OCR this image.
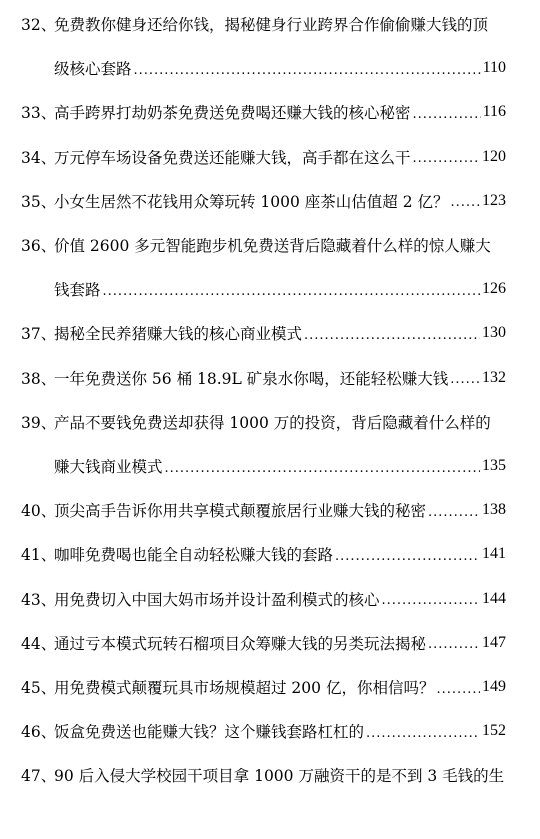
32、
免费教你健身还给你钱，揭秘健身行业跨界合作偷偷赚大钱的顶
级核心套路 .....	110
33、
高手跨界打劫奶茶免费送免费喝还赚大钱的核心秘密 .....	116
34、
万元停车场设备免费送还能赚大钱，高手都在这么干 .....	120
35、
小女生居然不花钱用众筹玩转 1000 座茶山估值超 2 亿？ ..... 123
36、
价值 2600 多元智能跑步机免费送背后隐藏着什么样的惊人赚大
钱套路 .....	126
37、
揭秘全民养猪赚大钱的核心商业模式 .....	130
38、
一年免费送你 56 桶 18.9L 矿泉水你喝，还能轻松赚大钱 ..... 132
39、
产品不要钱免费送却获得 1000 万的投资，背后隐藏着什么样的
赚大钱商业模式 .....	135
40、
顶尖高手告诉你用共享模式颠覆旅居行业赚大钱的秘密 .....	138
41、
咖啡免费喝也能全自动轻松赚大钱的套路 .....	141
43、
用免费切入中国大妈市场并设计盈利模式的核心 .....	144
44、
通过亏本模式玩转石榴项目众筹赚大钱的另类玩法揭秘 .....	147
45、
用免费模式颠覆玩具市场规模超过 200 亿，你相信吗？ .....	149
46、
饭盒免费送也能赚大钱？这个赚钱套路杠杠的 .....	152
47、
90 后入侵大学校园干项目拿 1000 万融资干的是不到 3 毛钱的生
